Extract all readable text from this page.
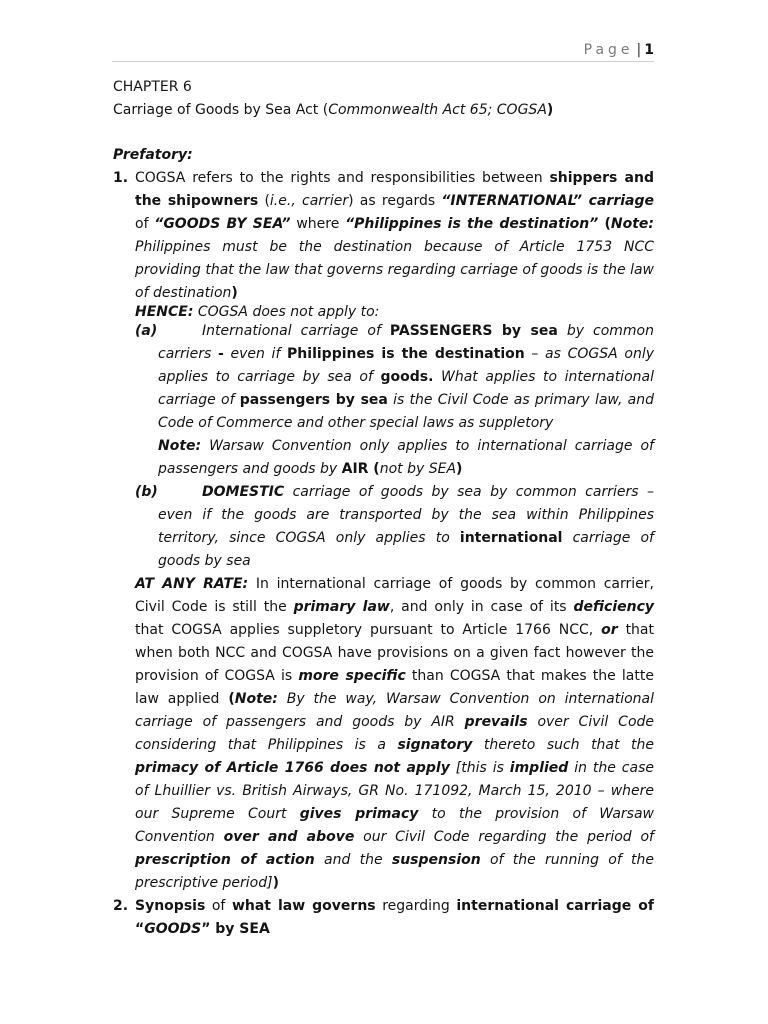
Page | 1

CHAPTER 6

Carriage of Goods by Sea Act (Commonwealth Act 65; COGSA)

Prefatory:

1. COGSA refers to the rights and responsibilities between shippers and the shipowners (i.e., carrier) as regards “INTERNATIONAL” carriage of “GOODS BY SEA” where “Philippines is the destination” (Note: Philippines must be the destination because of Article 1753 NCC providing that the law that governs regarding carriage of goods is the law of destination)

HENCE: COGSA does not apply to:

(a)	International carriage of PASSENGERS by sea by common carriers - even if Philippines is the destination – as COGSA only applies to carriage by sea of goods. What applies to international carriage of passengers by sea is the Civil Code as primary law, and Code of Commerce and other special laws as suppletory

Note: Warsaw Convention only applies to international carriage of passengers and goods by AIR (not by SEA)

(b)	DOMESTIC carriage of goods by sea by common carriers – even if the goods are transported by the sea within Philippines territory, since COGSA only applies to international carriage of goods by sea

AT ANY RATE: In international carriage of goods by common carrier, Civil Code is still the primary law, and only in case of its deficiency that COGSA applies suppletory pursuant to Article 1766 NCC, or that when both NCC and COGSA have provisions on a given fact however the provision of COGSA is more specific than COGSA that makes the latte law applied (Note: By the way, Warsaw Convention on international carriage of passengers and goods by AIR prevails over Civil Code considering that Philippines is a signatory thereto such that the primacy of Article 1766 does not apply [this is implied in the case of Lhuillier vs. British Airways, GR No. 171092, March 15, 2010 – where our Supreme Court gives primacy to the provision of Warsaw Convention over and above our Civil Code regarding the period of prescription of action and the suspension of the running of the prescriptive period])

2. Synopsis of what law governs regarding international carriage of “GOODS” by SEA
